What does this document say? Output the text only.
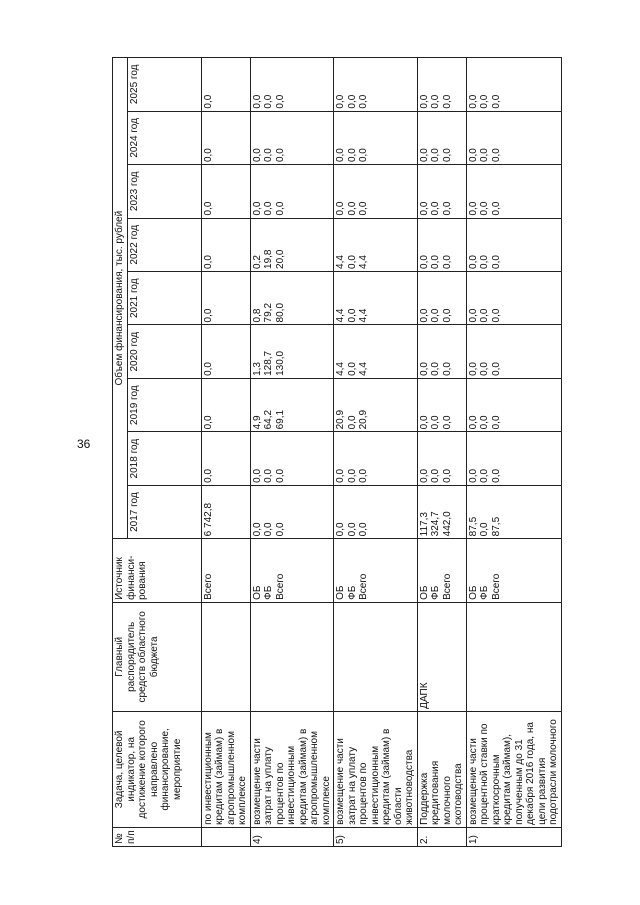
36
№ п/п	Задача, целевой индикатор, на достижение которого направлено финансирование, мероприятие	Главный распорядитель средств областного бюджета	Источник финанси-рования	Объем финансирования, тыс. рублей								
				2017 год	2018 год	2019 год	2020 год	2021 год	2022 год	2023 год	2024 год	2025 год
	по инвестиционным кредитам (займам) в агропромышленном комплексе		Всего	6 742,8	0,0	0,0	0,0	0,0	0,0	0,0	0,0	0,0

4)	возмещение части затрат на уплату процентов по инвестиционным кредитам (займам) в агропромышленном комплексе		ОБ ФБ Всего	0,0 0,0 0,0	0,0 0,0 0,0	4,9 64,2 69,1	1,3 128,7 130,0	0,8 79,2 80,0	0,2 19,8 20,0	0,0 0,0 0,0	0,0 0,0 0,0	0,0 0,0 0,0

5)	возмещение части затрат на уплату процентов по инвестиционным кредитам (займам) в области животноводства		ОБ ФБ Всего	0,0 0,0 0,0	0,0 0,0 0,0	20,9 0,0 20,9	4,4 0,0 4,4	4,4 0,0 4,4	4,4 0,0 4,4	0,0 0,0 0,0	0,0 0,0 0,0	0,0 0,0 0,0

2.	Поддержка кредитования молочного скотоводства	ДАПК	ОБ ФБ Всего	117,3 324,7 442,0	0,0 0,0 0,0	0,0 0,0 0,0	0,0 0,0 0,0	0,0 0,0 0,0	0,0 0,0 0,0	0,0 0,0 0,0	0,0 0,0 0,0	0,0 0,0 0,0

1)	возмещение части процентной ставки по краткосрочным кредитам (займам), полученным до 31 декабря 2016 года, на цели развития подотрасли молочного		ОБ ФБ Всего	87,5 0,0 87,5	0,0 0,0 0,0	0,0 0,0 0,0	0,0 0,0 0,0	0,0 0,0 0,0	0,0 0,0 0,0	0,0 0,0 0,0	0,0 0,0 0,0	0,0 0,0 0,0
